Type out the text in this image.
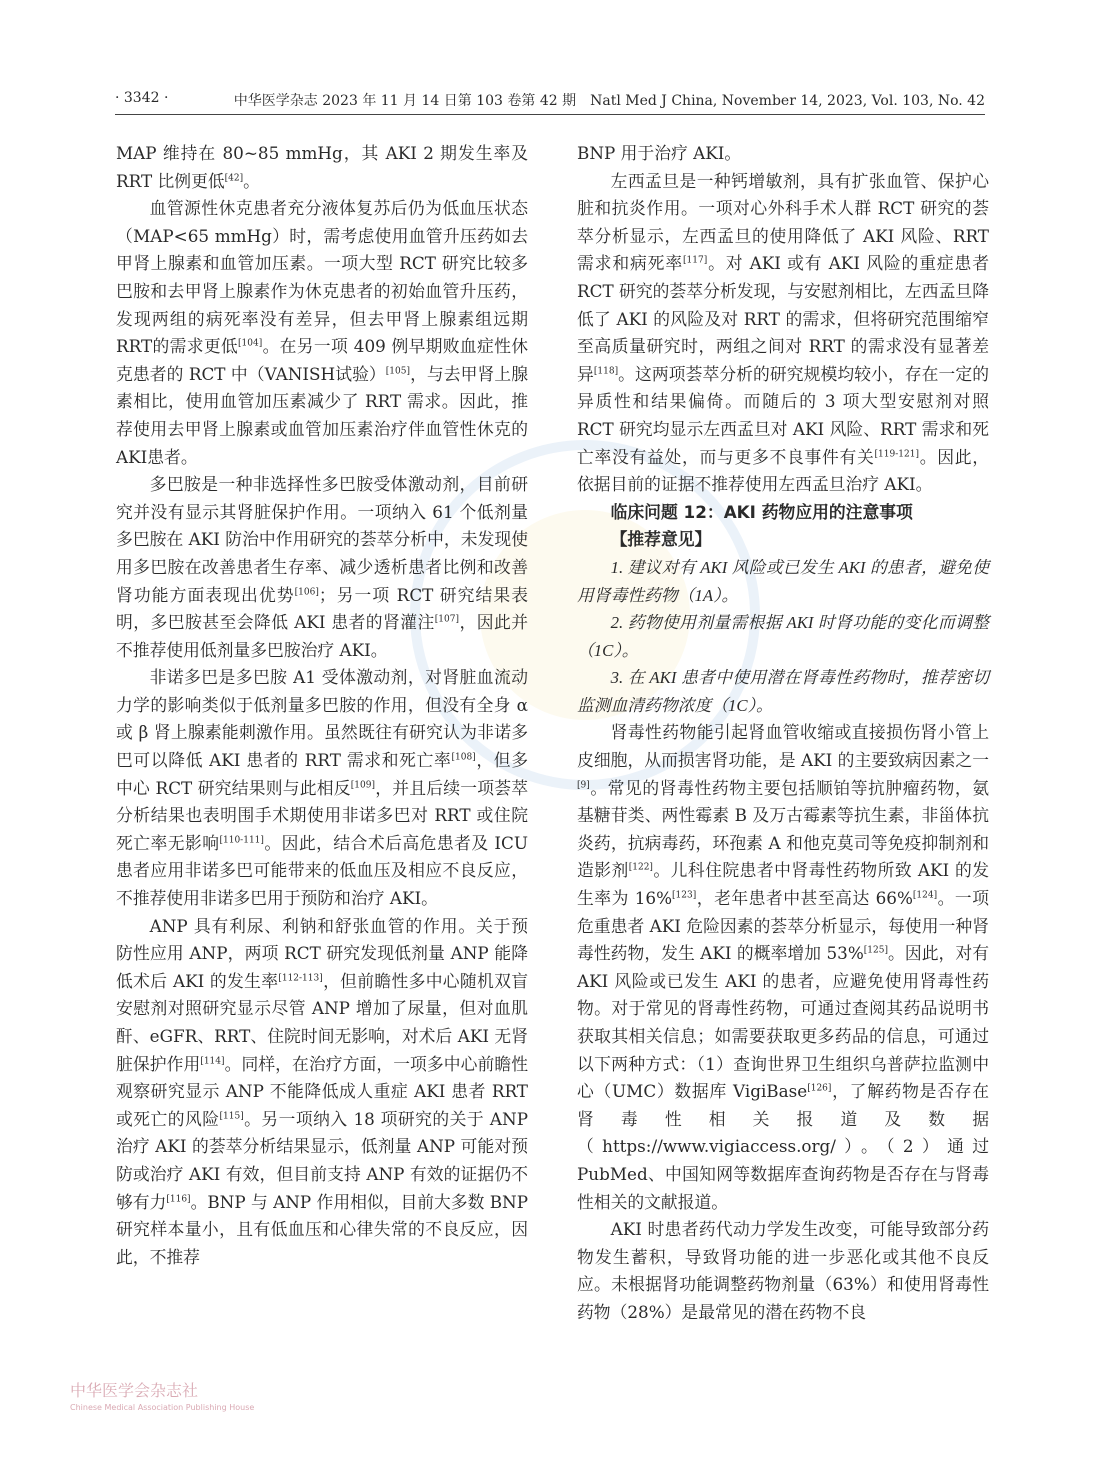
· 3342 ·	中华医学杂志 2023 年 11 月 14 日第 103 卷第 42 期　Natl Med J China, November 14, 2023, Vol. 103, No. 42

MAP 维持在 80~85 mmHg，其 AKI 2 期发生率及 RRT 比例更低[42]。

血管源性休克患者充分液体复苏后仍为低血压状态（MAP<65 mmHg）时，需考虑使用血管升压药如去甲肾上腺素和血管加压素。一项大型 RCT 研究比较多巴胺和去甲肾上腺素作为休克患者的初始血管升压药，发现两组的病死率没有差异，但去甲肾上腺素组远期RRT的需求更低[104]。在另一项 409 例早期败血症性休克患者的 RCT 中（VANISH试验）[105]，与去甲肾上腺素相比，使用血管加压素减少了 RRT 需求。因此，推荐使用去甲肾上腺素或血管加压素治疗伴血管性休克的AKI患者。

多巴胺是一种非选择性多巴胺受体激动剂，目前研究并没有显示其肾脏保护作用。一项纳入 61 个低剂量多巴胺在 AKI 防治中作用研究的荟萃分析中，未发现使用多巴胺在改善患者生存率、减少透析患者比例和改善肾功能方面表现出优势[106]；另一项 RCT 研究结果表明，多巴胺甚至会降低 AKI 患者的肾灌注[107]，因此并不推荐使用低剂量多巴胺治疗 AKI。

非诺多巴是多巴胺 A1 受体激动剂，对肾脏血流动力学的影响类似于低剂量多巴胺的作用，但没有全身 α 或 β 肾上腺素能刺激作用。虽然既往有研究认为非诺多巴可以降低 AKI 患者的 RRT 需求和死亡率[108]，但多中心 RCT 研究结果则与此相反[109]，并且后续一项荟萃分析结果也表明围手术期使用非诺多巴对 RRT 或住院死亡率无影响[110-111]。因此，结合术后高危患者及 ICU 患者应用非诺多巴可能带来的低血压及相应不良反应，不推荐使用非诺多巴用于预防和治疗 AKI。

ANP 具有利尿、利钠和舒张血管的作用。关于预防性应用 ANP，两项 RCT 研究发现低剂量 ANP 能降低术后 AKI 的发生率[112-113]，但前瞻性多中心随机双盲安慰剂对照研究显示尽管 ANP 增加了尿量，但对血肌酐、eGFR、RRT、住院时间无影响，对术后 AKI 无肾脏保护作用[114]。同样，在治疗方面，一项多中心前瞻性观察研究显示 ANP 不能降低成人重症 AKI 患者 RRT 或死亡的风险[115]。另一项纳入 18 项研究的关于 ANP 治疗 AKI 的荟萃分析结果显示，低剂量 ANP 可能对预防或治疗 AKI 有效，但目前支持 ANP 有效的证据仍不够有力[116]。BNP 与 ANP 作用相似，目前大多数 BNP 研究样本量小，且有低血压和心律失常的不良反应，因此，不推荐

BNP 用于治疗 AKI。

左西孟旦是一种钙增敏剂，具有扩张血管、保护心脏和抗炎作用。一项对心外科手术人群 RCT 研究的荟萃分析显示，左西孟旦的使用降低了 AKI 风险、RRT 需求和病死率[117]。对 AKI 或有 AKI 风险的重症患者 RCT 研究的荟萃分析发现，与安慰剂相比，左西孟旦降低了 AKI 的风险及对 RRT 的需求，但将研究范围缩窄至高质量研究时，两组之间对 RRT 的需求没有显著差异[118]。这两项荟萃分析的研究规模均较小，存在一定的异质性和结果偏倚。而随后的 3 项大型安慰剂对照 RCT 研究均显示左西孟旦对 AKI 风险、RRT 需求和死亡率没有益处，而与更多不良事件有关[119-121]。因此，依据目前的证据不推荐使用左西孟旦治疗 AKI。

临床问题 12：AKI 药物应用的注意事项

【推荐意见】

1. 建议对有 AKI 风险或已发生 AKI 的患者，避免使用肾毒性药物（1A）。

2. 药物使用剂量需根据 AKI 时肾功能的变化而调整（1C）。

3. 在 AKI 患者中使用潜在肾毒性药物时，推荐密切监测血清药物浓度（1C）。

肾毒性药物能引起肾血管收缩或直接损伤肾小管上皮细胞，从而损害肾功能，是 AKI 的主要致病因素之一[9]。常见的肾毒性药物主要包括顺铂等抗肿瘤药物，氨基糖苷类、两性霉素 B 及万古霉素等抗生素，非甾体抗炎药，抗病毒药，环孢素 A 和他克莫司等免疫抑制剂和造影剂[122]。儿科住院患者中肾毒性药物所致 AKI 的发生率为 16%[123]，老年患者中甚至高达 66%[124]。一项危重患者 AKI 危险因素的荟萃分析显示，每使用一种肾毒性药物，发生 AKI 的概率增加 53%[125]。因此，对有 AKI 风险或已发生 AKI 的患者，应避免使用肾毒性药物。对于常见的肾毒性药物，可通过查阅其药品说明书获取其相关信息；如需要获取更多药品的信息，可通过以下两种方式：（1）查询世界卫生组织乌普萨拉监测中心（UMC）数据库 VigiBase[126]，了解药物是否存在肾毒性相关报道及数据（https://www.vigiaccess.org/）。（2）通过 PubMed、中国知网等数据库查询药物是否存在与肾毒性相关的文献报道。

AKI 时患者药代动力学发生改变，可能导致部分药物发生蓄积，导致肾功能的进一步恶化或其他不良反应。未根据肾功能调整药物剂量（63%）和使用肾毒性药物（28%）是最常见的潜在药物不良

中华医学会杂志社
Chinese Medical Association Publishing House
